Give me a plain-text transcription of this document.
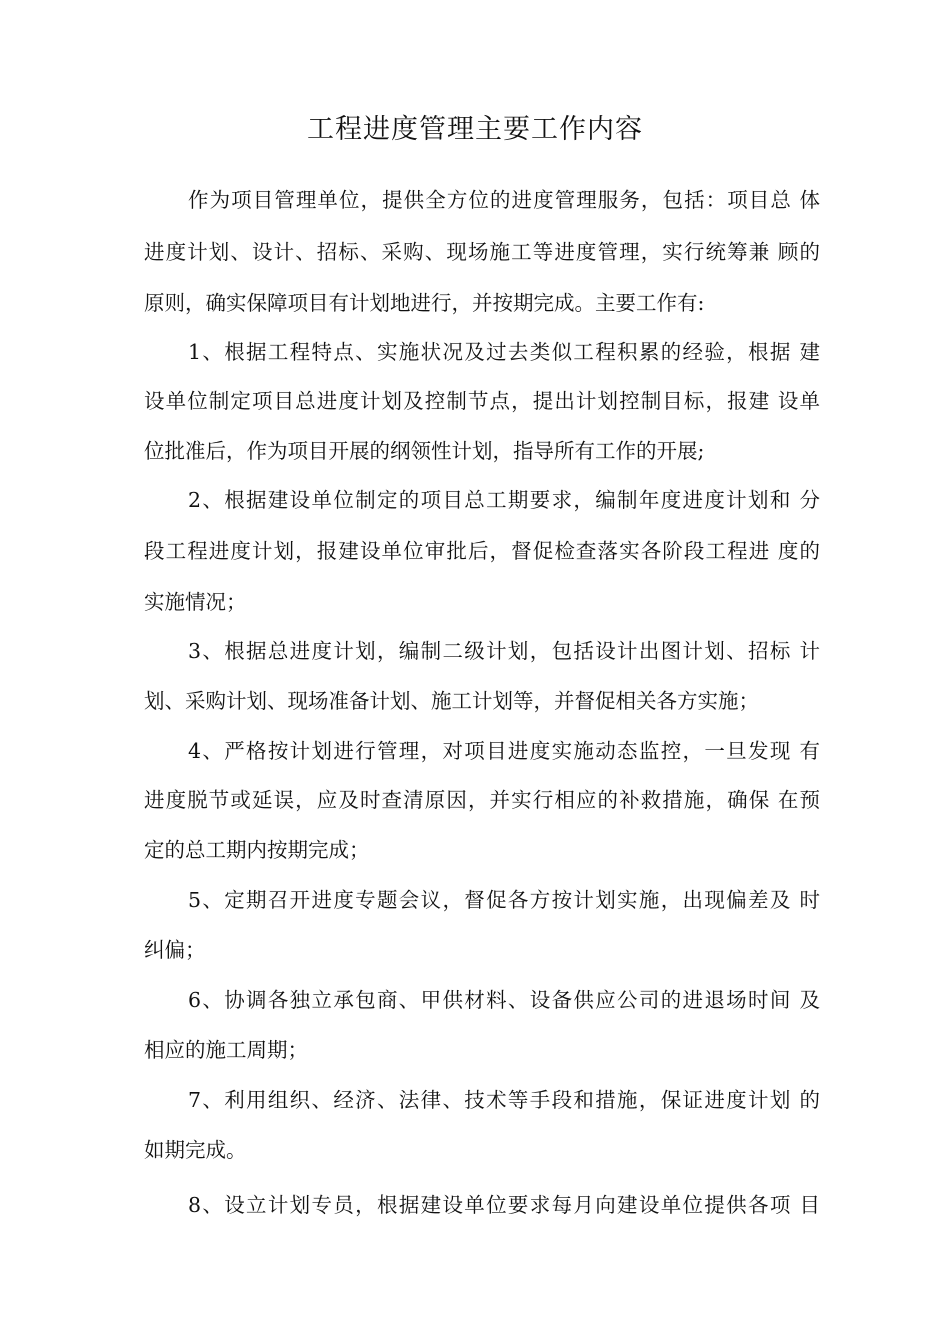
工程进度管理主要工作内容
作为项目管理单位，提供全方位的进度管理服务，包括：项目总 体
进度计划、设计、招标、采购、现场施工等进度管理，实行统筹兼 顾的
原则，确实保障项目有计划地进行，并按期完成。主要工作有:
1、根据工程特点、实施状况及过去类似工程积累的经验，根据 建
设单位制定项目总进度计划及控制节点，提出计划控制目标，报建 设单
位批准后，作为项目开展的纲领性计划，指导所有工作的开展;
2、根据建设单位制定的项目总工期要求，编制年度进度计划和 分
段工程进度计划，报建设单位审批后，督促检查落实各阶段工程进 度的
实施情况；
3、根据总进度计划，编制二级计划，包括设计出图计划、招标 计
划、采购计划、现场准备计划、施工计划等，并督促相关各方实施；
4、严格按计划进行管理，对项目进度实施动态监控，一旦发现 有
进度脱节或延误，应及时查清原因，并实行相应的补救措施，确保 在预
定的总工期内按期完成；
5、定期召开进度专题会议，督促各方按计划实施，出现偏差及 时
纠偏；
6、协调各独立承包商、甲供材料、设备供应公司的进退场时间 及
相应的施工周期；
7、利用组织、经济、法律、技术等手段和措施，保证进度计划 的
如期完成。
8、设立计划专员，根据建设单位要求每月向建设单位提供各项 目
